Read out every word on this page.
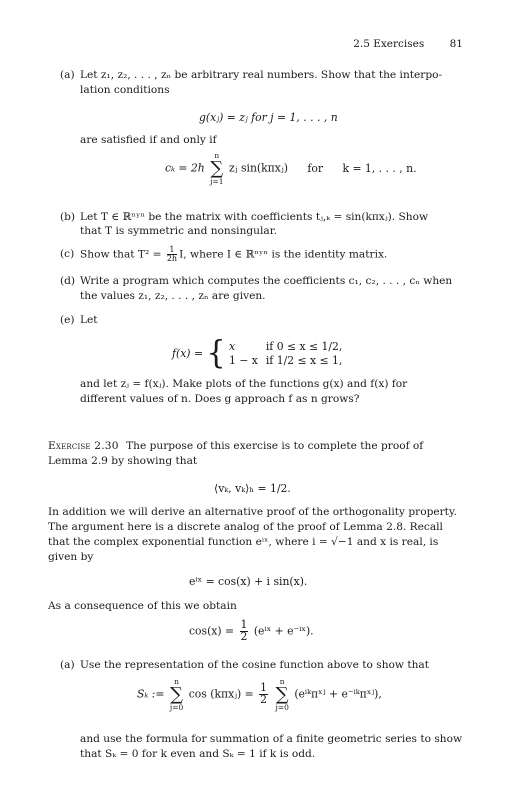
2.5 Exercises 81
(a) Let z₁, z₂, . . . , zₙ be arbitrary real numbers. Show that the interpo-
lation conditions
g(xⱼ) = zⱼ for j = 1, . . . , n
are satisfied if and only if
cₖ = 2h
n
∑
j=1
zⱼ sin(kπxⱼ) for k = 1, . . . , n.
(b) Let T ∈ ℝⁿʸⁿ be the matrix with coefficients tⱼ,ₖ = sin(kπxⱼ). Show
that T is symmetric and nonsingular.
(c) Show that $T^2 = \frac{1}{2h} I$, where I ∈ ℝⁿʸⁿ is the identity matrix.
(d) Write a program which computes the coefficients c₁, c₂, . . . , cₙ when
the values z₁, z₂, . . . , zₙ are given.
(e) Let
f(x) = { x	if 0 ≤ x ≤ 1/2,
1 − x	if 1/2 ≤ x ≤ 1,
and let zⱼ = f(xⱼ). Make plots of the functions g(x) and f(x) for
different values of n. Does g approach f as n grows?
Exercise 2.30 The purpose of this exercise is to complete the proof of
Lemma 2.9 by showing that
⟨vₖ, vₖ⟩ₕ = 1/2.
In addition we will derive an alternative proof of the orthogonality property.
The argument here is a discrete analog of the proof of Lemma 2.8. Recall
that the complex exponential function eⁱˣ, where i = √−1 and x is real, is
given by
eⁱˣ = cos(x) + i sin(x).
As a consequence of this we obtain
$\cos(x) = \frac{1}{2}$ (eⁱˣ + e⁻ⁱˣ).
(a) Use the representation of the cosine function above to show that
Sₖ :=
n
∑
j=0
cos (kπxⱼ) = $\frac{1}{2}$

n
∑
j=0
(eⁱᵏπˣʲ + e⁻ⁱᵏπˣʲ),
and use the formula for summation of a finite geometric series to show
that Sₖ = 0 for k even and Sₖ = 1 if k is odd.
